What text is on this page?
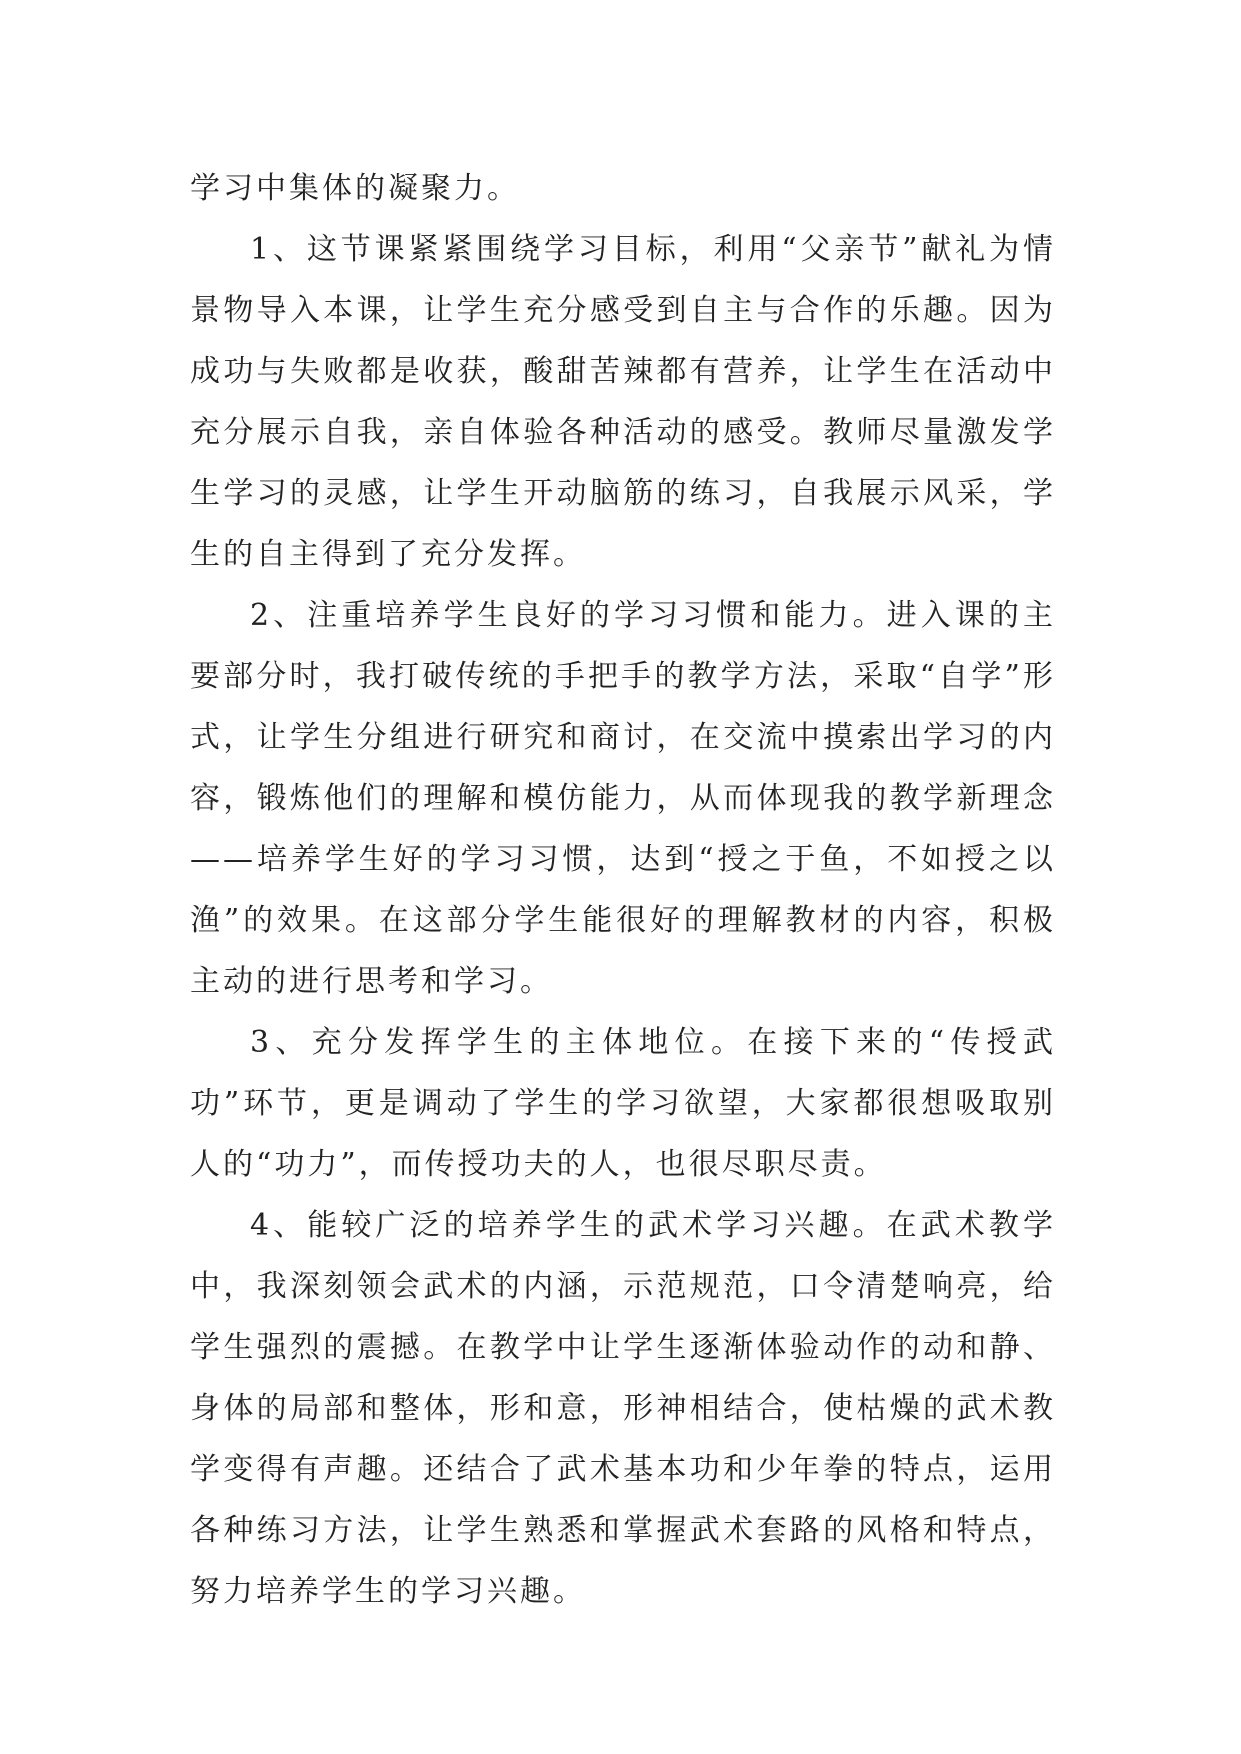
学习中集体的凝聚力。

1、这节课紧紧围绕学习目标，利用“父亲节”献礼为情景物导入本课，让学生充分感受到自主与合作的乐趣。因为成功与失败都是收获，酸甜苦辣都有营养，让学生在活动中充分展示自我，亲自体验各种活动的感受。教师尽量激发学生学习的灵感，让学生开动脑筋的练习，自我展示风采，学生的自主得到了充分发挥。

2、注重培养学生良好的学习习惯和能力。进入课的主要部分时，我打破传统的手把手的教学方法，采取“自学”形式，让学生分组进行研究和商讨，在交流中摸索出学习的内容，锻炼他们的理解和模仿能力，从而体现我的教学新理念——培养学生好的学习习惯，达到“授之于鱼，不如授之以渔”的效果。在这部分学生能很好的理解教材的内容，积极主动的进行思考和学习。

3、充分发挥学生的主体地位。在接下来的“传授武功”环节，更是调动了学生的学习欲望，大家都很想吸取别人的“功力”，而传授功夫的人，也很尽职尽责。

4、能较广泛的培养学生的武术学习兴趣。在武术教学中，我深刻领会武术的内涵，示范规范，口令清楚响亮，给学生强烈的震撼。在教学中让学生逐渐体验动作的动和静、身体的局部和整体，形和意，形神相结合，使枯燥的武术教学变得有声趣。还结合了武术基本功和少年拳的特点，运用各种练习方法，让学生熟悉和掌握武术套路的风格和特点，努力培养学生的学习兴趣。
